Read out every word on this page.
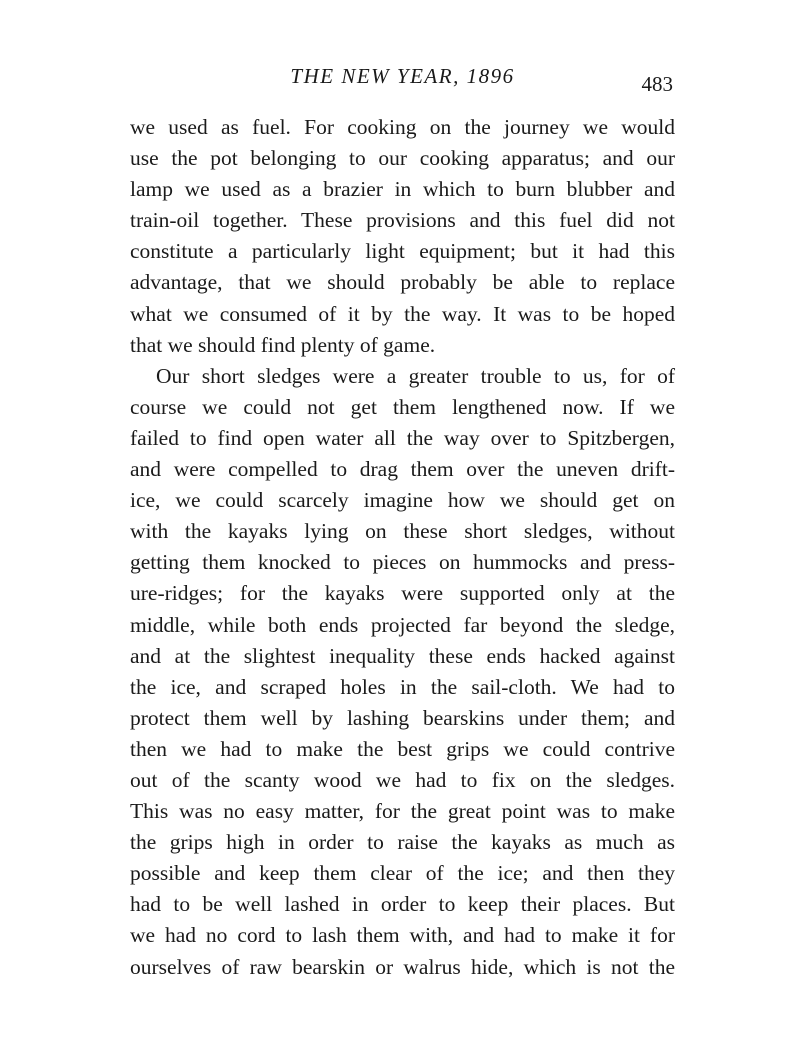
THE NEW YEAR, 1896	483
we used as fuel. For cooking on the journey we would
use the pot belonging to our cooking apparatus; and our
lamp we used as a brazier in which to burn blubber and
train-oil together. These provisions and this fuel did not
constitute a particularly light equipment; but it had this
advantage, that we should probably be able to replace
what we consumed of it by the way. It was to be hoped
that we should find plenty of game.
Our short sledges were a greater trouble to us, for of
course we could not get them lengthened now. If we
failed to find open water all the way over to Spitzbergen,
and were compelled to drag them over the uneven drift-
ice, we could scarcely imagine how we should get on
with the kayaks lying on these short sledges, without
getting them knocked to pieces on hummocks and press-
ure-ridges; for the kayaks were supported only at the
middle, while both ends projected far beyond the sledge,
and at the slightest inequality these ends hacked against
the ice, and scraped holes in the sail-cloth. We had to
protect them well by lashing bearskins under them; and
then we had to make the best grips we could contrive
out of the scanty wood we had to fix on the sledges.
This was no easy matter, for the great point was to make
the grips high in order to raise the kayaks as much as
possible and keep them clear of the ice; and then they
had to be well lashed in order to keep their places. But
we had no cord to lash them with, and had to make it for
ourselves of raw bearskin or walrus hide, which is not the
